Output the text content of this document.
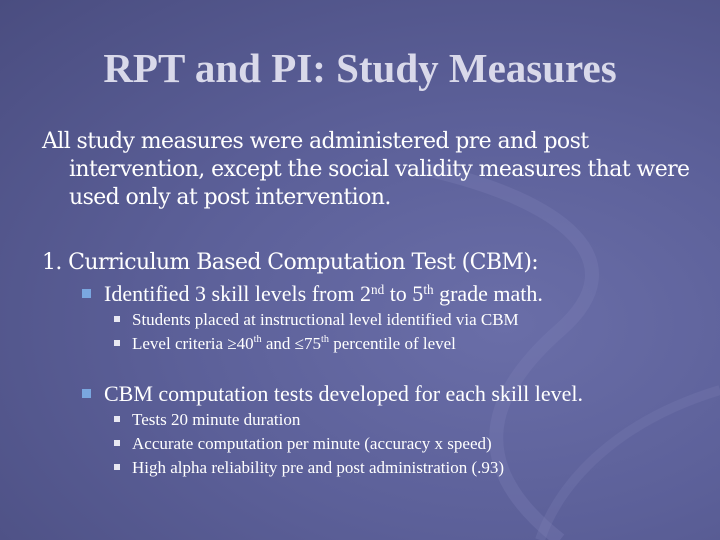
RPT and PI: Study Measures
All study measures were administered pre and post intervention, except the social validity measures that were used only at post intervention.
1. Curriculum Based Computation Test (CBM):
Identified 3 skill levels from 2nd to 5th grade math.
Students placed at instructional level identified via CBM
Level criteria ≥40th and ≤75th percentile of level
CBM computation tests developed for each skill level.
Tests 20 minute duration
Accurate computation per minute (accuracy x speed)
High alpha reliability pre and post administration (.93)
